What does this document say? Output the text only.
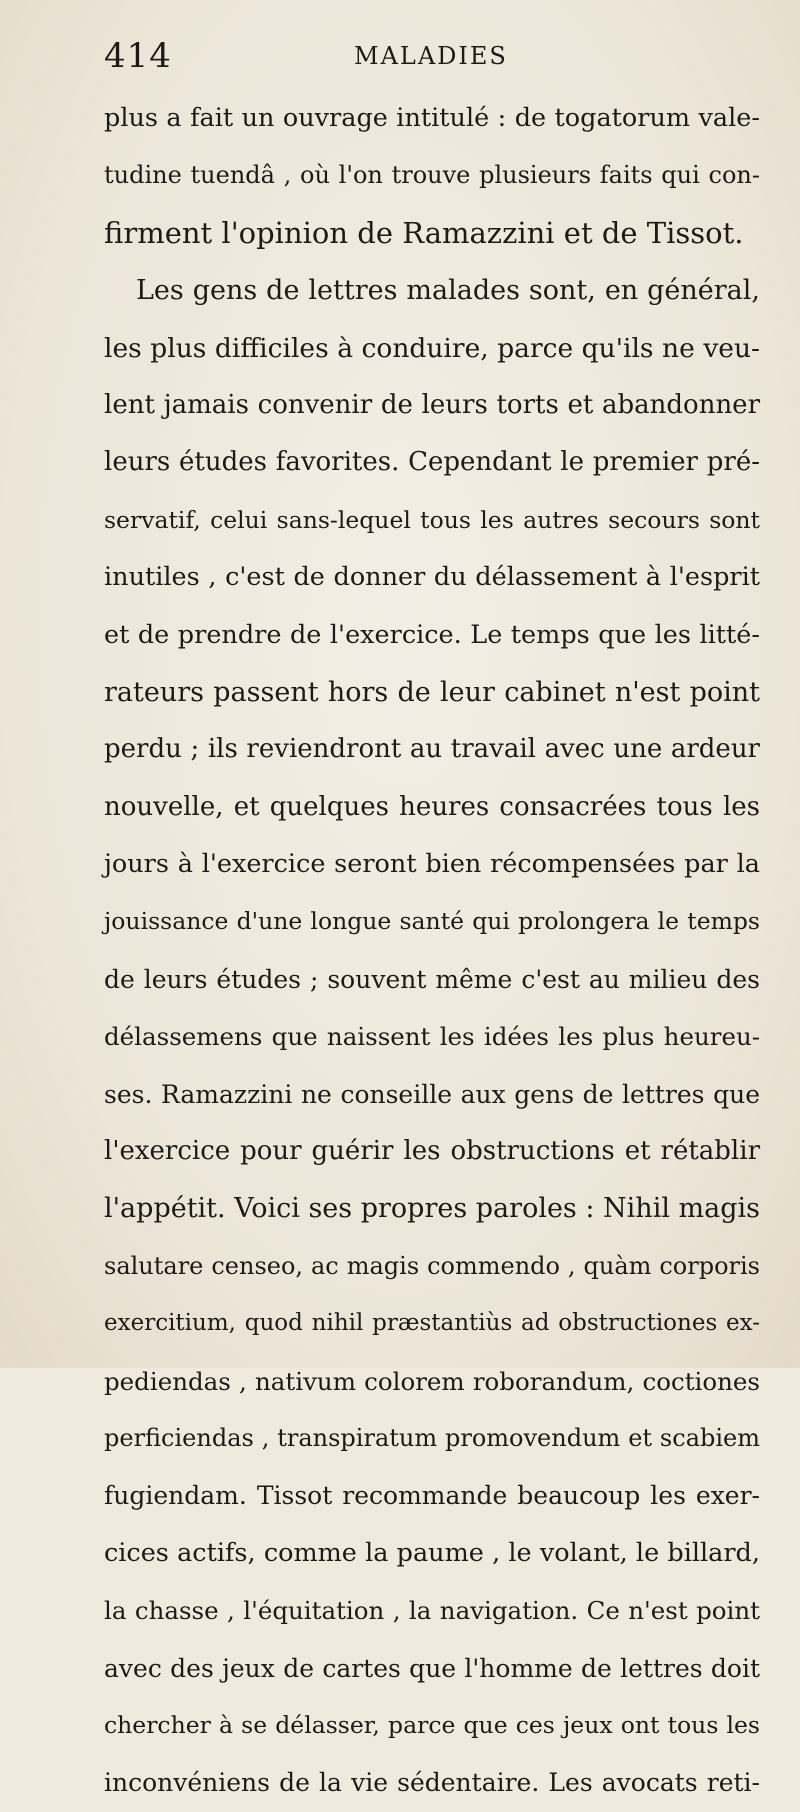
414	MALADIES
plus a fait un ouvrage intitulé : de togatorum vale-
tudine tuendâ , où l'on trouve plusieurs faits qui con-
firment l'opinion de Ramazzini et de Tissot.
Les gens de lettres malades sont, en général,
les plus difficiles à conduire, parce qu'ils ne veu-
lent jamais convenir de leurs torts et abandonner
leurs études favorites. Cependant le premier pré-
servatif, celui sans-lequel tous les autres secours sont
inutiles , c'est de donner du délassement à l'esprit
et de prendre de l'exercice. Le temps que les litté-
rateurs passent hors de leur cabinet n'est point
perdu ; ils reviendront au travail avec une ardeur
nouvelle, et quelques heures consacrées tous les
jours à l'exercice seront bien récompensées par la
jouissance d'une longue santé qui prolongera le temps
de leurs études ; souvent même c'est au milieu des
délassemens que naissent les idées les plus heureu-
ses. Ramazzini ne conseille aux gens de lettres que
l'exercice pour guérir les obstructions et rétablir
l'appétit. Voici ses propres paroles : Nihil magis
salutare censeo, ac magis commendo , quàm corporis
exercitium, quod nihil præstantiùs ad obstructiones ex-
pediendas , nativum colorem roborandum, coctiones
perficiendas , transpiratum promovendum et scabiem
fugiendam. Tissot recommande beaucoup les exer-
cices actifs, comme la paume , le volant, le billard,
la chasse , l'équitation , la navigation. Ce n'est point
avec des jeux de cartes que l'homme de lettres doit
chercher à se délasser, parce que ces jeux ont tous les
inconvéniens de la vie sédentaire. Les avocats reti-
